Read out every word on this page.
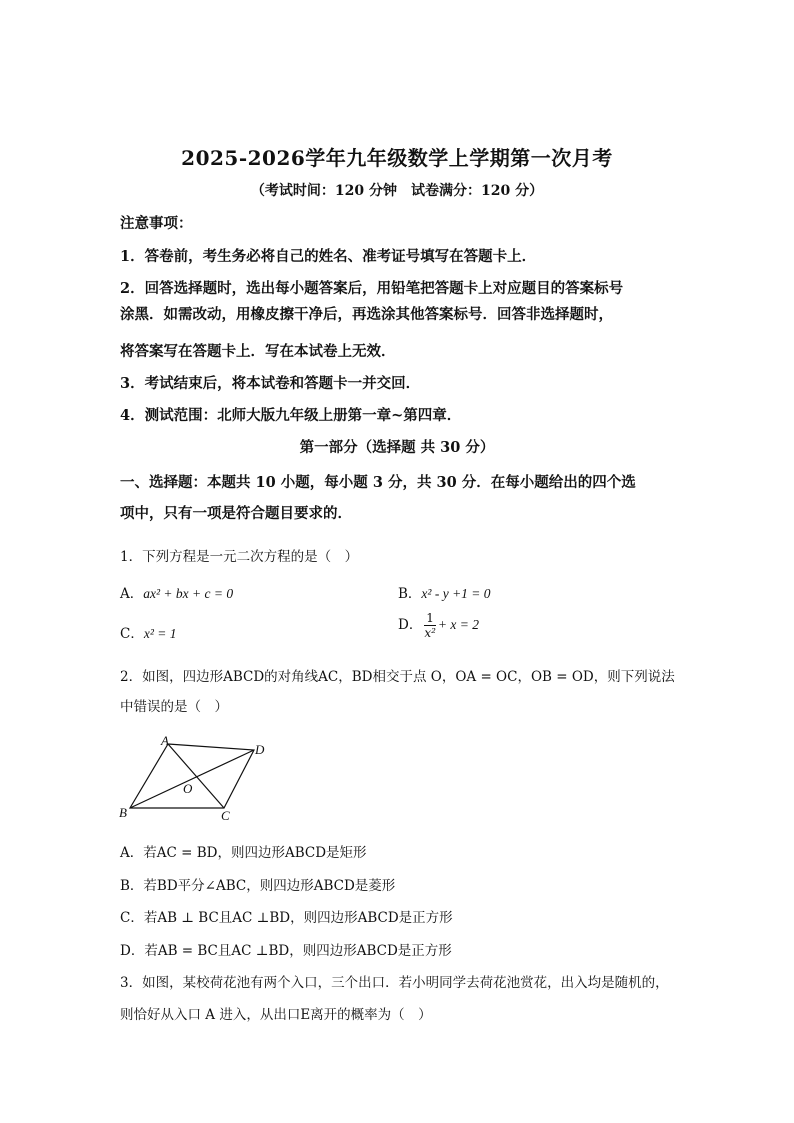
2025-2026学年九年级数学上学期第一次月考
（考试时间：120 分钟　试卷满分：120 分）
注意事项：
1．答卷前，考生务必将自己的姓名、准考证号填写在答题卡上．
2．回答选择题时，选出每小题答案后，用铅笔把答题卡上对应题目的答案标号
涂黑．如需改动，用橡皮擦干净后，再选涂其他答案标号．回答非选择题时，
将答案写在答题卡上．写在本试卷上无效．
3．考试结束后，将本试卷和答题卡一并交回．
4．测试范围：北师大版九年级上册第一章~第四章．
第一部分（选择题 共 30 分）
一、选择题：本题共 10 小题，每小题 3 分，共 30 分．在每小题给出的四个选
项中，只有一项是符合题目要求的．
1．下列方程是一元二次方程的是（　）
A．ax² + bx + c = 0	B．x² - y +1 = 0
C．x² = 1
D． $\frac{1}{\text{x²}} + x = 2$
2．如图，四边形ABCD的对角线AC，BD相交于点 O，OA = OC，OB = OD，则下列说法
中错误的是（　）
A
D
B	C
O
A．若AC = BD，则四边形ABCD是矩形
B．若BD平分∠ABC，则四边形ABCD是菱形
C．若AB ⊥ BC且AC ⊥BD，则四边形ABCD是正方形
D．若AB = BC且AC ⊥BD，则四边形ABCD是正方形
3．如图，某校荷花池有两个入口，三个出口．若小明同学去荷花池赏花，出入均是随机的，
则恰好从入口 A 进入，从出口E离开的概率为（　）
